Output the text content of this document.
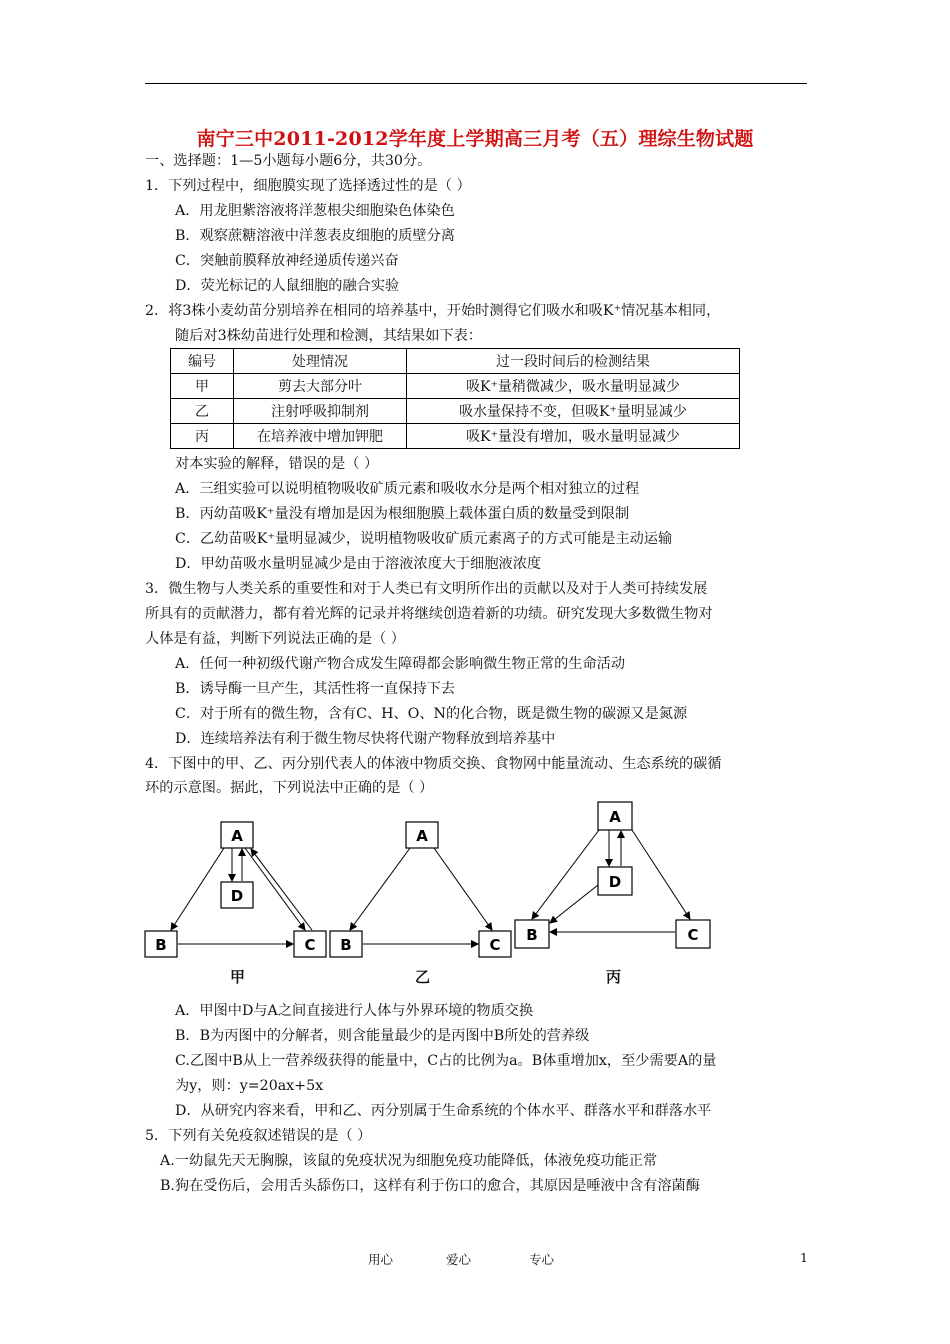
南宁三中2011-2012学年度上学期高三月考（五）理综生物试题
一、选择题：1—5小题每小题6分，共30分。
1．下列过程中，细胞膜实现了选择透过性的是（ ）
A．用龙胆紫溶液将洋葱根尖细胞染色体染色
B．观察蔗糖溶液中洋葱表皮细胞的质壁分离
C．突触前膜释放神经递质传递兴奋
D．荧光标记的人鼠细胞的融合实验
2．将3株小麦幼苗分别培养在相同的培养基中，开始时测得它们吸水和吸K⁺情况基本相同，
随后对3株幼苗进行处理和检测，其结果如下表：
编号	处理情况	过一段时间后的检测结果
甲	剪去大部分叶	吸K⁺量稍微减少，吸水量明显减少
乙	注射呼吸抑制剂	吸水量保持不变，但吸K⁺量明显减少
丙	在培养液中增加钾肥	吸K⁺量没有增加，吸水量明显减少
对本实验的解释，错误的是（ ）
A．三组实验可以说明植物吸收矿质元素和吸收水分是两个相对独立的过程
B．丙幼苗吸K⁺量没有增加是因为根细胞膜上载体蛋白质的数量受到限制
C．乙幼苗吸K⁺量明显减少，说明植物吸收矿质元素离子的方式可能是主动运输
D．甲幼苗吸水量明显减少是由于溶液浓度大于细胞液浓度
3．微生物与人类关系的重要性和对于人类已有文明所作出的贡献以及对于人类可持续发展
所具有的贡献潜力，都有着光辉的记录并将继续创造着新的功绩。研究发现大多数微生物对
人体是有益，判断下列说法正确的是（ ）
A．任何一种初级代谢产物合成发生障碍都会影响微生物正常的生命活动
B．诱导酶一旦产生，其活性将一直保持下去
C．对于所有的微生物，含有C、H、O、N的化合物，既是微生物的碳源又是氮源
D．连续培养法有利于微生物尽快将代谢产物释放到培养基中
4．下图中的甲、乙、丙分别代表人的体液中物质交换、食物网中能量流动、生态系统的碳循
环的示意图。据此，下列说法中正确的是（ ）
A
D
B	C
A
B	C
A
D
B	C
甲	乙	丙
A．甲图中D与A之间直接进行人体与外界环境的物质交换
B．B为丙图中的分解者，则含能量最少的是丙图中B所处的营养级
C.乙图中B从上一营养级获得的能量中，C占的比例为a。B体重增加x，至少需要A的量
为y，则：y=20ax+5x
D．从研究内容来看，甲和乙、丙分别属于生命系统的个体水平、群落水平和群落水平
5．下列有关免疫叙述错误的是（ ）
A.一幼鼠先天无胸腺，该鼠的免疫状况为细胞免疫功能降低，体液免疫功能正常
B.狗在受伤后，会用舌头舔伤口，这样有利于伤口的愈合，其原因是唾液中含有溶菌酶
用心	爱心	专心	1
